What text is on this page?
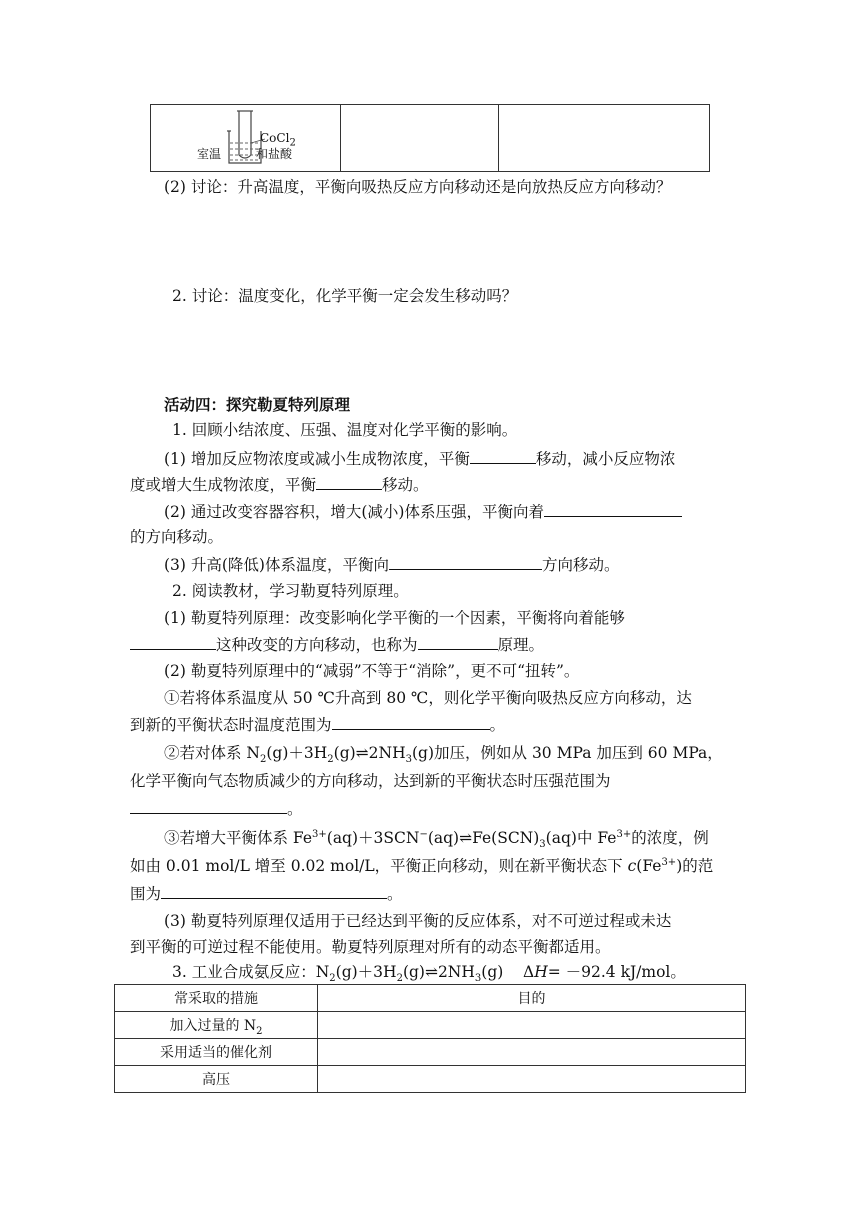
室温
CoCl$_2$
和盐酸
(2) 讨论：升高温度，平衡向吸热反应方向移动还是向放热反应方向移动？
2. 讨论：温度变化，化学平衡一定会发生移动吗？
活动四：探究勒夏特列原理
1. 回顾小结浓度、压强、温度对化学平衡的影响。
(1) 增加反应物浓度或减小生成物浓度，平衡	移动，减小反应物浓
度或增大生成物浓度，平衡	移动。
(2) 通过改变容器容积，增大(减小)体系压强，平衡向着
的方向移动。
(3) 升高(降低)体系温度，平衡向	方向移动。
2. 阅读教材，学习勒夏特列原理。
(1) 勒夏特列原理：改变影响化学平衡的一个因素，平衡将向着能够
这种改变的方向移动，也称为	原理。
(2) 勒夏特列原理中的“减弱”不等于“消除”，更不可“扭转”。
①若将体系温度从 50 ℃升高到 80 ℃，则化学平衡向吸热反应方向移动，达
到新的平衡状态时温度范围为	。
②若对体系 $N_2(g)+3H_2(g)\rightleftharpoons 2NH_3(g)$加压，例如从 30 MPa 加压到 60 MPa，
化学平衡向气态物质减少的方向移动，达到新的平衡状态时压强范围为
。
③若增大平衡体系 $Fe^{3+}(aq)+3SCN^-(aq)\rightleftharpoons Fe(SCN)_3(aq)$中 $Fe^{3+}$的浓度，例
如由 0.01 mol/L 增至 0.02 mol/L，平衡正向移动，则在新平衡状态下 $c(Fe^{3+})$的范
围为	。
(3) 勒夏特列原理仅适用于已经达到平衡的反应体系，对不可逆过程或未达
到平衡的可逆过程不能使用。勒夏特列原理对所有的动态平衡都适用。
3. 工业合成氨反应：$N_2(g)+3H_2(g)\rightleftharpoons 2NH_3(g)$    ΔH= －92.4 kJ/mol。
常采取的措施	目的
加入过量的 $N_2$	
采用适当的催化剂	
高压	
